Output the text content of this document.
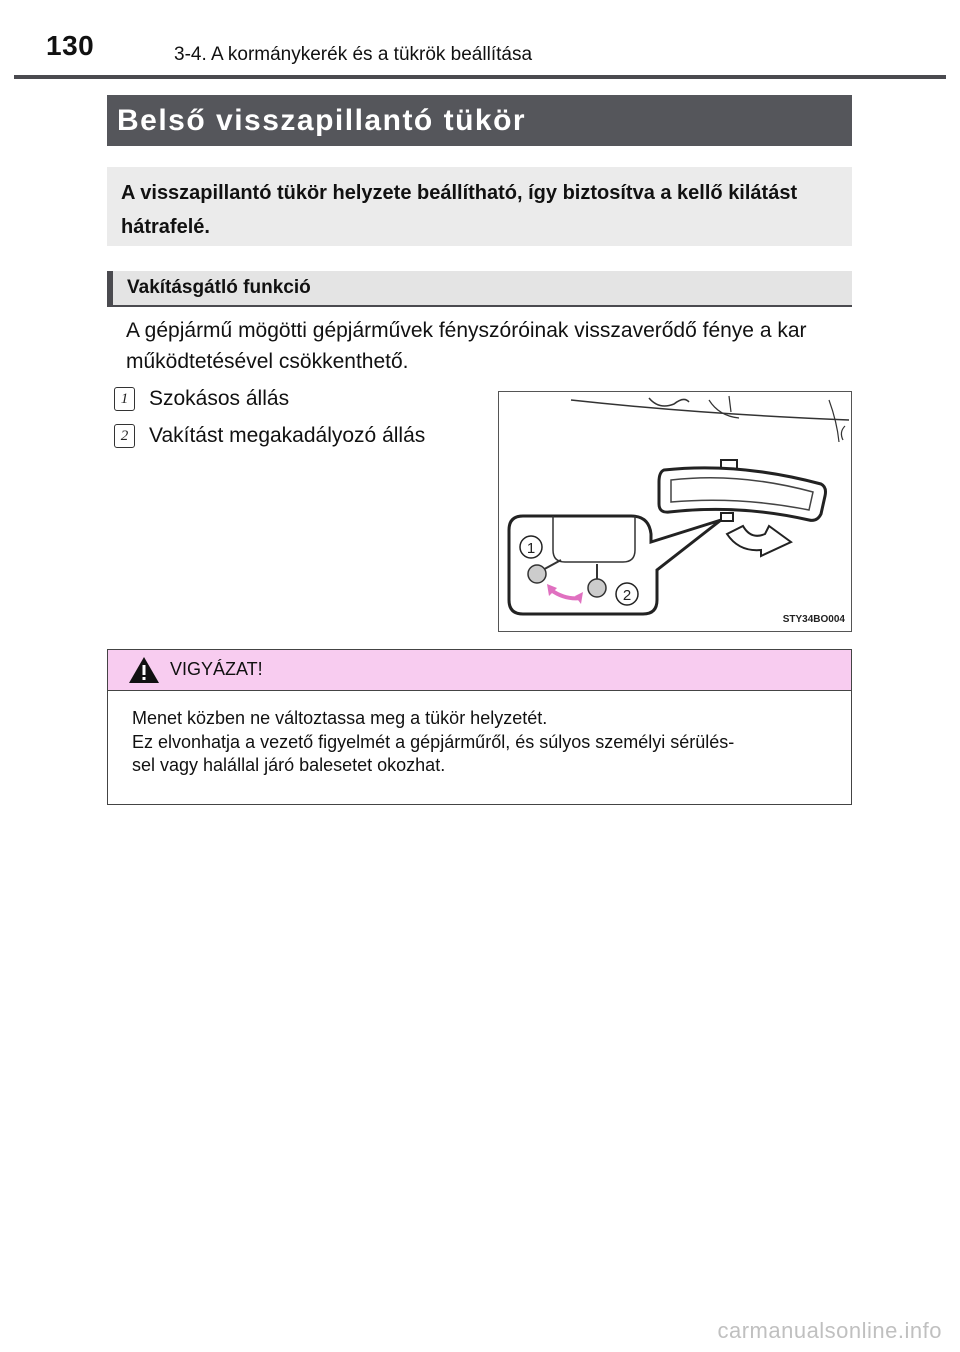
130	3-4. A kormánykerék és a tükrök beállítása
Belső visszapillantó tükör
A visszapillantó tükör helyzete beállítható, így biztosítva a kellő kilátást hátrafelé.
Vakításgátló funkció
A gépjármű mögötti gépjárművek fényszóróinak visszaverődő fénye a kar működtetésével csökkenthető.
1 Szokásos állás
2 Vakítást megakadályozó állás
1
2
STY34BO004
VIGYÁZAT!
Menet közben ne változtassa meg a tükör helyzetét.
Ez elvonhatja a vezető figyelmét a gépjárműről, és súlyos személyi sérülés-
sel vagy halállal járó balesetet okozhat.
carmanualsonline.info
